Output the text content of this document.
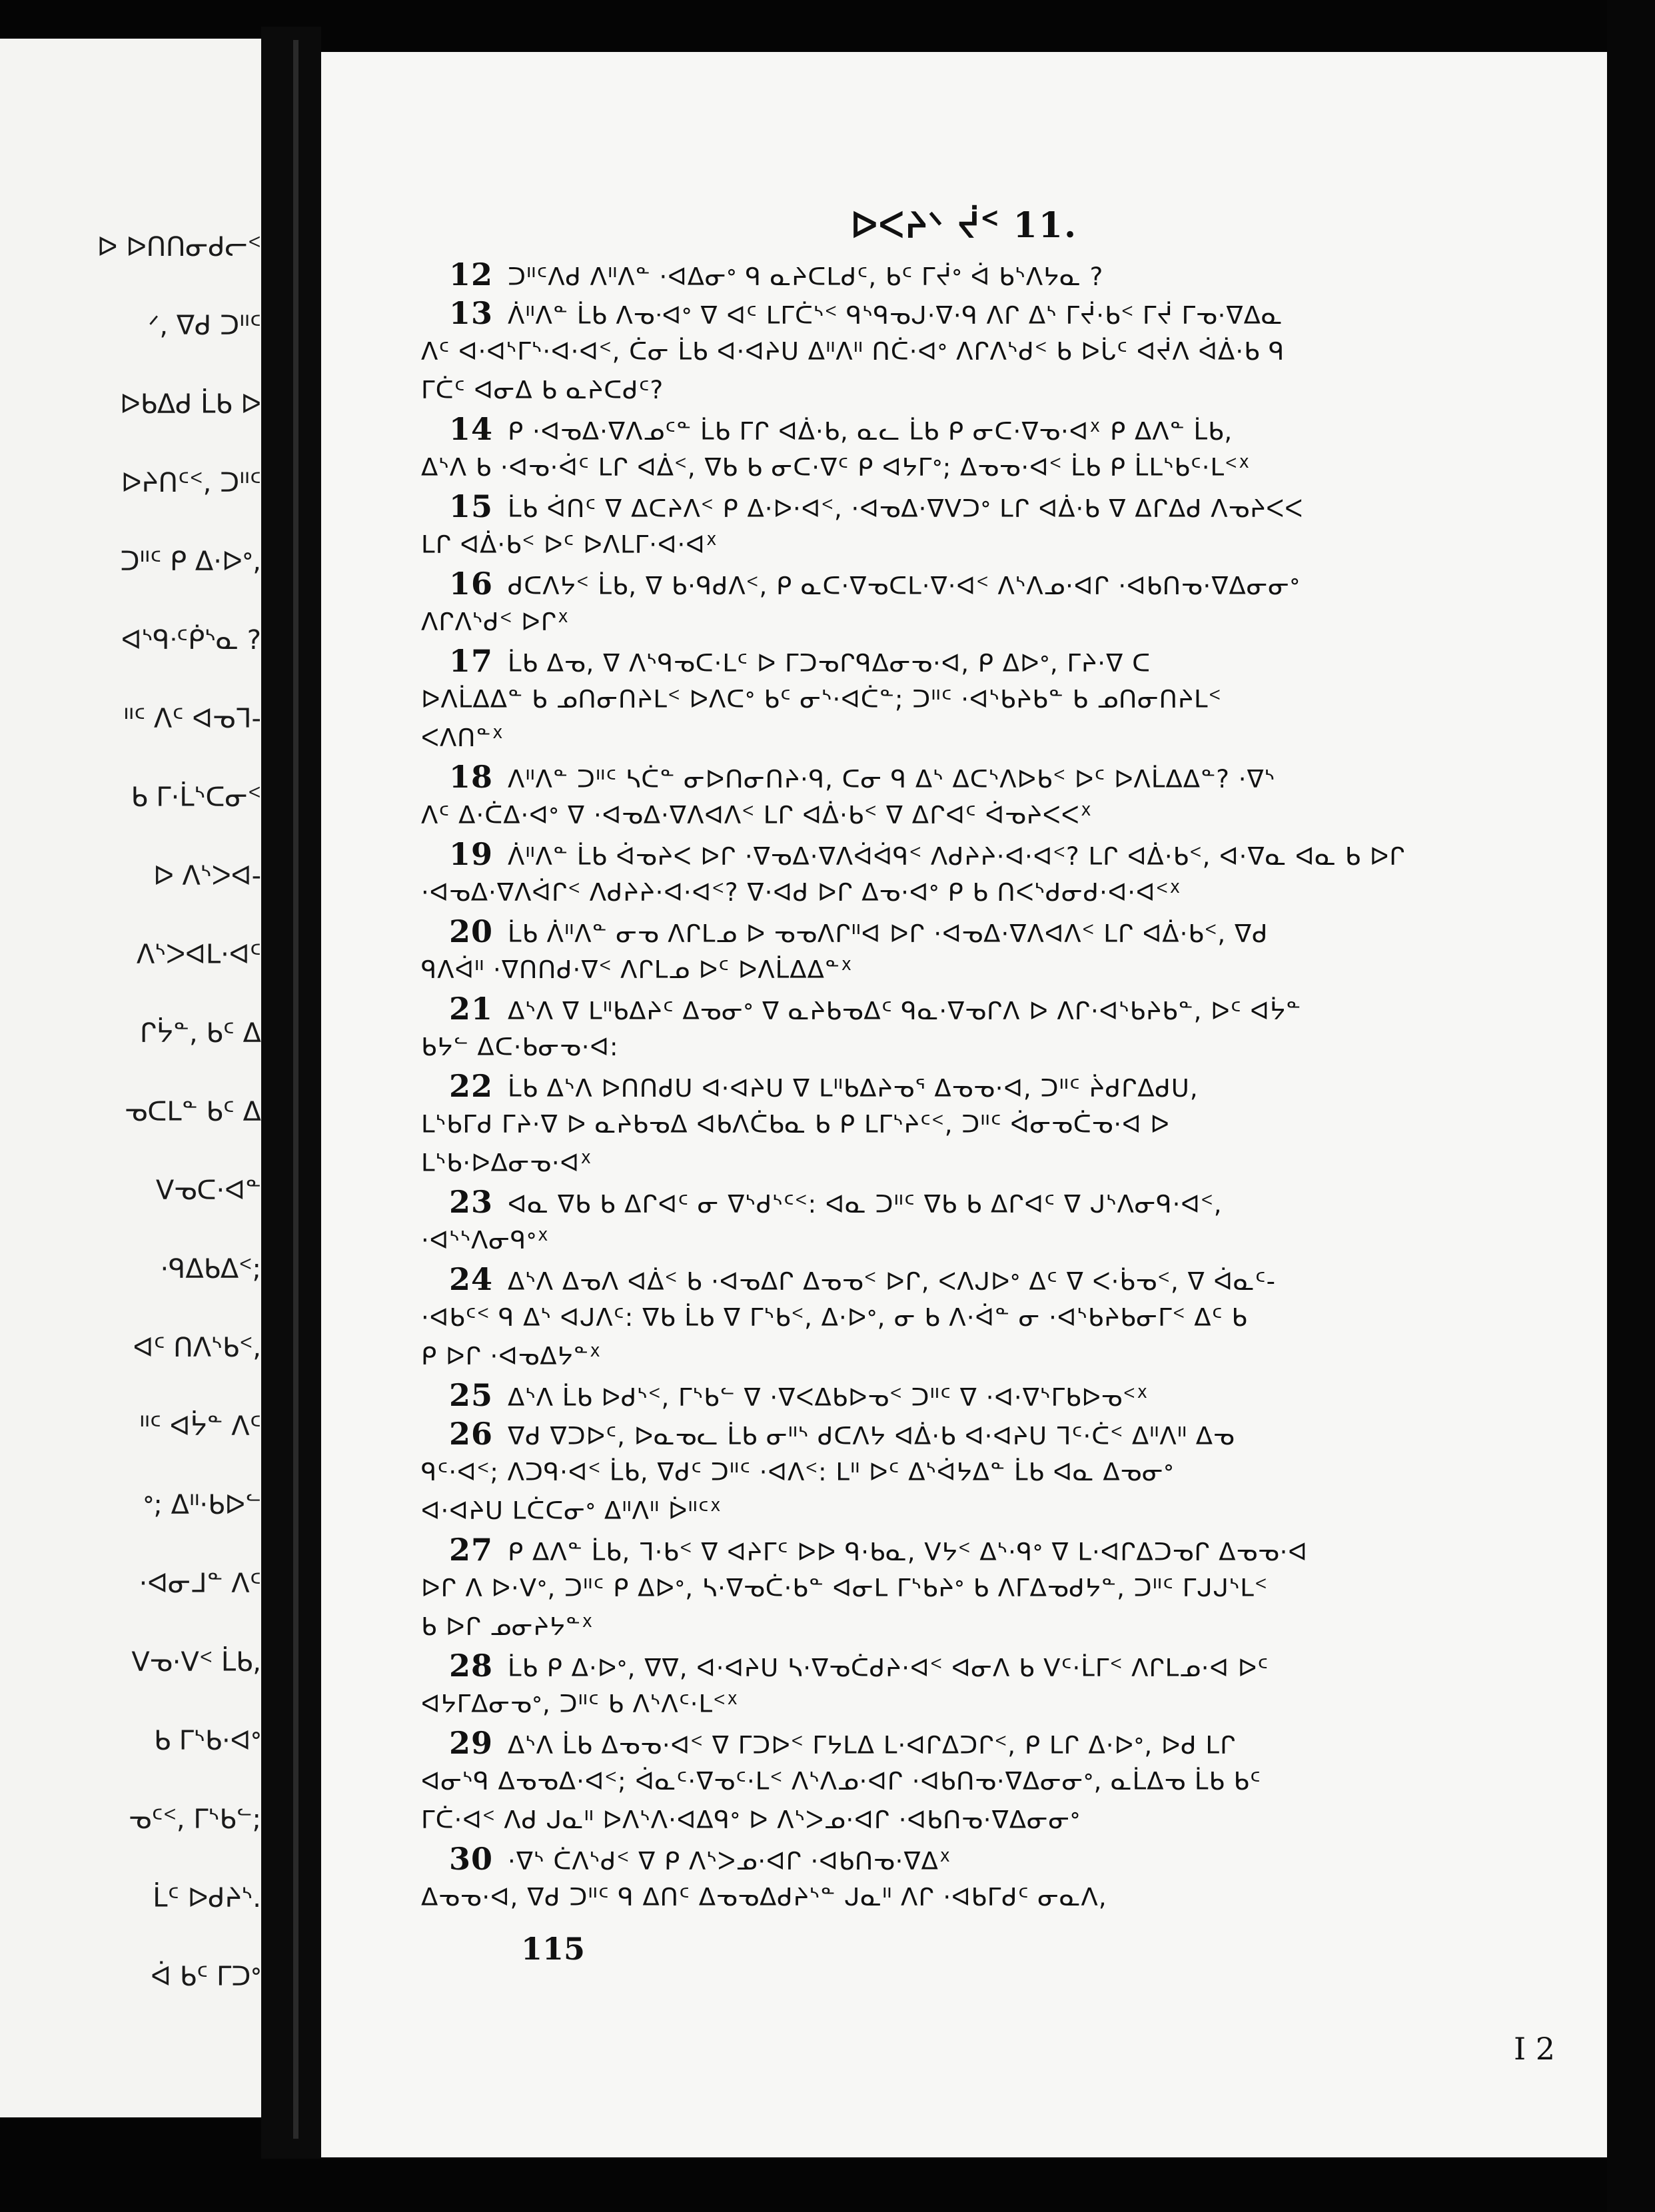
ᐅ ᐅᑎᑎᓂᑯᓕᑉ
ᐟ, ᐁᑯ ᑐᐦᑦ
ᐅᑲᐃᑯ ᒫᑲ ᐅ
ᐅᔨᑎᑦᑉ, ᑐᐦᑦ
ᑐᐦᑦ ᑭ ᐃ·ᐅᐤ,
ᐊᔅᑫᐧᑦᑮᔅᓇ ?
ᐦᑦ ᐱᑦ ᐊᓀᒣ-
ᑲ ᒥ·ᒫᔅᑕᓂᑉ
ᐅ ᐱᔅᐳᐊ-
ᐱᔅᐳᐊᒪ·ᐊᑦ
ᒋᔮᓐ, ᑲᑦ ᐃ
ᓀᑕᒪᓐ ᑲᑦ ᐃ
ᐯᓀᑕ·ᐊᓐ
·ᑫᐃᑲᐃᑉ;
ᐊᑦ ᑎᐱᔅᑲᑉ,
ᐦᑦ ᐊᔮᓐ ᐱᑦ
ᐤ; ᐃᐦ·ᑲᐅᓪ
·ᐊᓂᒧᓐ ᐱᑦ
ᐯᓀ·ᐯᑉ ᒫᑲ,
ᑲ ᒥᔅᑲ·ᐊᐤ
ᓀᑦᑉ, ᒥᔅᑲᓪ;
ᒫᑦ ᐅᑯᔨᔅ.
ᐋ ᑲᑦ ᒥᑐᐤ
ᐅᐸᔨᐠ ᔫᑉ 11.
12 ᑐᐦᑦᐱᑯ ᐱᐦᐱᓐ ·ᐊᐃᓂᐤ ᑫ ᓇᔨᑕᒪᑯᑦ, ᑲᑦ ᒥᔫᐤ ᐋ ᑲᔅᐱᔭᓇ ?
13 ᐲᐦᐱᓐ ᒫᑲ ᐱᓀᐧᐊᐤ ᐁ ᐊᑦ ᒪᒥᑖᔅᑉ ᑫᔅᑫᓀᒍ·ᐁ·ᑫ ᐱᒋ ᐃᔅ ᒥᔫ·ᑲᑉ ᒥᔫ ᒥᓀ·ᐁᐃᓇ
ᐱᑦ ᐊ·ᐊᔅᒥᔅ·ᐊ·ᐊᑉ, ᑖᓂ ᒫᑲ ᐊ·ᐊᔨᑌ ᐃᐦᐱᐦ ᑎᑖ·ᐊᐤ ᐱᒋᐱᔅᑯᑉ ᑲ ᐅᒑᑦ ᐊᔫᐱ ᐋᐄ·ᑲ ᑫ
ᒥᑖᑦ ᐊᓂᐃ ᑲ ᓇᔨᑕᑯᑦ?
14 ᑭ ·ᐊᓀᐃ·ᐁᐱᓄᑦᓐ ᒫᑲ ᒥᒋ ᐊᐄ·ᑲ, ᓇᓚ ᒫᑲ ᑭ ᓂᑕ·ᐁᓀ·ᐊᕽ ᑭ ᐃᐱᓐ ᒫᑲ,
ᐃᔅᐱ ᑲ ·ᐊᓀ·ᐋᑦ ᒪᒋ ᐊᐄᑉ, ᐁᑲ ᑲ ᓂᑕ·ᐁᑦ ᑭ ᐊᔭᒥᐤ; ᐃᓀᓀ·ᐊᑉ ᒫᑲ ᑭ ᒫᒪᔅᑲᑦ·ᒪᑉᕽ
15 ᒫᑲ ᐋᑎᑦ ᐁ ᐃᑕᔨᐱᑉ ᑭ ᐃ·ᐅ·ᐊᑉ, ·ᐊᓀᐃ·ᐁᐯᑐᐤ ᒪᒋ ᐊᐄ·ᑲ ᐁ ᐃᒋᐃᑯ ᐱᓀᔨᐸᐸ
ᒪᒋ ᐊᐄ·ᑲᑉ ᐅᑦ ᐅᐱᒪᒥ·ᐊ·ᐊᕽ
16 ᑯᑕᐱᔭᑉ ᒫᑲ, ᐁ ᑲ·ᑫᑯᐱᑉ, ᑭ ᓇᑕ·ᐁᓀᑕᒪ·ᐁ·ᐊᑉ ᐱᔅᐱᓄ·ᐊᒋ ·ᐊᑲᑎᓀ·ᐁᐃᓂᓂᐤ
ᐱᒋᐱᔅᑯᑉ ᐅᒋᕽ
17 ᒫᑲ ᐃᓀ, ᐁ ᐱᔅᑫᓀᑕ·ᒪᑦ ᐅ ᒥᑐᓀᒋᑫᐃᓂᓀ·ᐊ, ᑭ ᐃᐅᐤ, ᒥᔨ·ᐁ ᑕ
ᐅᐱᒫᐃᐃᓐ ᑲ ᓄᑎᓂᑎᔨᒪᑉ ᐅᐱᑕᐤ ᑲᑦ ᓂᔅ·ᐊᑖᓐ; ᑐᐦᑦ ·ᐊᔅᑲᔨᑲᓐ ᑲ ᓄᑎᓂᑎᔨᒪᑉ
ᐸᐱᑎᓐᕽ
18 ᐱᐦᐱᓐ ᑐᐦᑦ ᓴᑖᓐ ᓂᐅᑎᓂᑎᔨ·ᑫ, ᑕᓂ ᑫ ᐃᔅ ᐃᑕᔅᐱᐅᑲᑉ ᐅᑦ ᐅᐱᒫᐃᐃᓐ? ·ᐁᔅ
ᐱᑦ ᐃ·ᑖᐃ·ᐊᐤ ᐁ ·ᐊᓀᐃ·ᐁᐱᐊᐱᑉ ᒪᒋ ᐊᐄ·ᑲᑉ ᐁ ᐃᒋᐊᑦ ᐋᓀᔨᐸᐸᕽ
19 ᐲᐦᐱᓐ ᒫᑲ ᐋᓀᔨᐸ ᐅᒋ ·ᐁᓀᐃ·ᐁᐱᐋᐋᑫᑉ ᐱᑯᔨᔨ·ᐊ·ᐊᑉ? ᒪᒋ ᐊᐄ·ᑲᑉ, ᐊ·ᐁᓇ ᐊᓇ ᑲ ᐅᒋ
·ᐊᓀᐃ·ᐁᐱᐋᒋᑉ ᐱᑯᔨᔨ·ᐊ·ᐊᑉ? ᐁ·ᐊᑯ ᐅᒋ ᐃᓀ·ᐊᐤ ᑭ ᑲ ᑎᐸᔅᑯᓂᑯ·ᐊ·ᐊᑉᕽ
20 ᒫᑲ ᐲᐦᐱᓐ ᓂᓀ ᐱᒋᒪᓄ ᐅ ᓀᓀᐱᒋᐦᐊ ᐅᒋ ·ᐊᓀᐃ·ᐁᐱᐊᐱᑉ ᒪᒋ ᐊᐄ·ᑲᑉ, ᐁᑯ
ᑫᐱᐋᐦ ·ᐁᑎᑎᑯ·ᐁᑉ ᐱᒋᒪᓄ ᐅᑦ ᐅᐱᒫᐃᐃᓐᕽ
21 ᐃᔅᐱ ᐁ ᒪᐦᑲᐃᔨᑦ ᐃᓀᓂᐤ ᐁ ᓇᔨᑲᓀᐃᑦ ᑫᓇ·ᐁᓀᒋᐱ ᐅ ᐱᒋ·ᐊᔅᑲᔨᑲᓐ, ᐅᑦ ᐊᔮᓐ
ᑲᔭᓪ ᐃᑕ·ᑲᓂᓀ·ᐊ:
22 ᒫᑲ ᐃᔅᐱ ᐅᑎᑎᑯᑌ ᐊ·ᐊᔨᑌ ᐁ ᒪᐦᑲᐃᔨᓀᕐ ᐃᓀᓀ·ᐊ, ᑐᐦᑦ ᔩᑯᒋᐃᑯᑌ,
ᒪᔅᑲᒥᑯ ᒥᔨ·ᐁ ᐅ ᓇᔨᑲᓀᐃ ᐊᑲᐱᑖᑲᓇ ᑲ ᑭ ᒪᒥᔅᔨᑦᑉ, ᑐᐦᑦ ᐋᓂᓀᑖᓀ·ᐊ ᐅ
ᒪᔅᑲ·ᐅᐃᓂᓀ·ᐊᕽ
23 ᐊᓇ ᐁᑲ ᑲ ᐃᒋᐊᑦ ᓂ ᐁᔅᑯᔅᑦᑉ: ᐊᓇ ᑐᐦᑦ ᐁᑲ ᑲ ᐃᒋᐊᑦ ᐁ ᒍᔅᐱᓂᑫ·ᐊᑉ,
·ᐊᔅᔅᐱᓂᑫᐤᕽ
24 ᐃᔅᐱ ᐃᓀᐱ ᐊᐄᑉ ᑲ ·ᐊᓀᐃᒋ ᐃᓀᓀᑉ ᐅᒋ, ᐸᐱᒍᐅᐤ ᐃᑦ ᐁ ᐸ·ᑳᓀᑉ, ᐁ ᐋᓇᑦ-
·ᐊᑲᑦᑉ ᑫ ᐃᔅ ᐊᒍᐱᑦ: ᐁᑲ ᒫᑲ ᐁ ᒥᔅᑲᑉ, ᐃ·ᐅᐤ, ᓂ ᑲ ᐱ·ᐋᓐ ᓂ ·ᐊᔅᑲᔨᑲᓂᒥᑉ ᐃᑦ ᑲ
ᑭ ᐅᒋ ·ᐊᓀᐃᔭᓐᕽ
25 ᐃᔅᐱ ᒫᑲ ᐅᑯᔅᑉ, ᒥᔅᑲᓪ ᐁ ·ᐁᐸᐃᑲᐅᓀᑉ ᑐᐦᑦ ᐁ ·ᐊ·ᐁᔅᒥᑲᐅᓀᑉᕽ
26 ᐁᑯ ᐁᑐᐅᑦ, ᐅᓇᓀᓚ ᒫᑲ ᓂᐦᔅ ᑯᑕᐱᔭ ᐊᐄ·ᑲ ᐊ·ᐊᔨᑌ ᒣᑦ·ᑖᑉ ᐃᐦᐱᐦ ᐃᓀ
ᑫᑦ·ᐊᑉ; ᐱᑐᑫ·ᐊᑉ ᒫᑲ, ᐁᑯᑦ ᑐᐦᑦ ·ᐊᐱᑉ: ᒪᐦ ᐅᑦ ᐃᔅᐋᔭᐃᓐ ᒫᑲ ᐊᓇ ᐃᓀᓂᐤ
ᐊ·ᐊᔨᑌ ᒪᑖᑕᓂᐤ ᐃᐦᐱᐦ ᐆᐦᑦᕽ
27 ᑭ ᐃᐱᓐ ᒫᑲ, ᒣ·ᑲᑉ ᐁ ᐊᔨᒥᑦ ᐅᐅ ᑫ·ᑲᓇ, ᐯᔭᑉ ᐃᔅ·ᑫᐤ ᐁ ᒪ·ᐊᒋᐃᑐᓀᒋ ᐃᓀᓀ·ᐊ
ᐅᒋ ᐱ ᐅ·ᐯᐤ, ᑐᐦᑦ ᑭ ᐃᐅᐤ, ᓴ·ᐁᓀᑖ·ᑲᓐ ᐊᓂᒪ ᒥᔅᑲᔨᐤ ᑲ ᐱᒥᐃᓀᑯᔭᓐ, ᑐᐦᑦ ᒥᒍᒍᔅᒪᑉ
ᑲ ᐅᒋ ᓄᓂᔨᔭᓐᕽ
28 ᒫᑲ ᑭ ᐃ·ᐅᐤ, ᐁᐁ, ᐊ·ᐊᔨᑌ ᓴ·ᐁᓀᑖᑯᔨ·ᐊᑉ ᐊᓂᐱ ᑲ ᐯᑦ·ᒫᒥᑉ ᐱᒋᒪᓄ·ᐊ ᐅᑦ
ᐊᔭᒥᐃᓂᓀᐤ, ᑐᐦᑦ ᑲ ᐱᔅᐱᑦ·ᒪᑉᕽ
29 ᐃᔅᐱ ᒫᑲ ᐃᓀᓀ·ᐊᑉ ᐁ ᒥᑐᐅᑉ ᒥᔭᒪᐃ ᒪ·ᐊᒋᐃᑐᒋᑉ, ᑭ ᒪᒋ ᐃ·ᐅᐤ, ᐅᑯ ᒪᒋ
ᐊᓂᔅᑫ ᐃᓀᓀᐃ·ᐊᑉ; ᐋᓇᑦ·ᐁᓀᑦ·ᒪᑉ ᐱᔅᐱᓄ·ᐊᒋ ·ᐊᑲᑎᓀ·ᐁᐃᓂᓂᐤ, ᓇᒫᐃᓀ ᒫᑲ ᑲᑦ
ᒥᑖ·ᐊᑉ ᐱᑯ ᒍᓇᐦ ᐅᐱᔅᐱ·ᐊᐃᑫᐤ ᐅ ᐱᔅᐳᓄ·ᐊᒋ ·ᐊᑲᑎᓀ·ᐁᐃᓂᓂᐤ
30 ·ᐁᔅ ᑖᐱᔅᑯᑉ ᐁ ᑭ ᐱᔅᐳᓄ·ᐊᒋ ·ᐊᑲᑎᓀ·ᐁᐃᕽ
ᐃᓀᓀ·ᐊ, ᐁᑯ ᑐᐦᑦ ᑫ ᐃᑎᑦ ᐃᓀᓀᐃᑯᔨᔅᓐ ᒍᓇᐦ ᐱᒋ ·ᐊᑲᒥᑯᑦ ᓂᓇᐱ,
115
I 2
